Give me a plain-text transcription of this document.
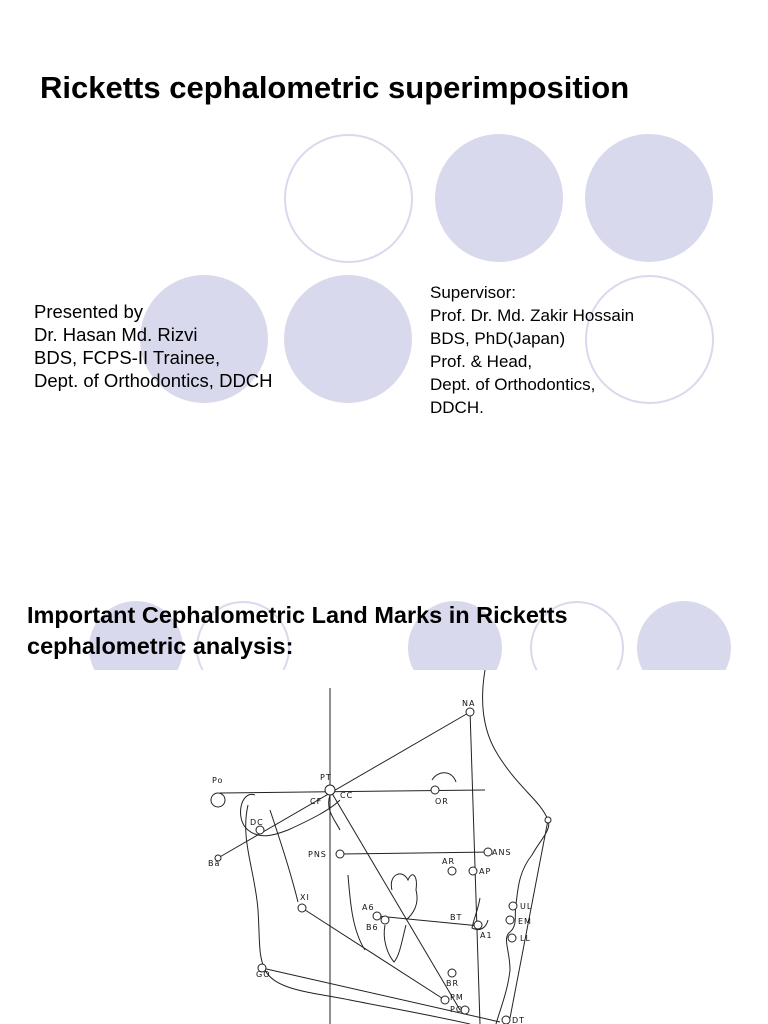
Ricketts cephalometric superimposition
Presented by
Dr. Hasan Md. Rizvi
BDS, FCPS-II Trainee,
Dept. of Orthodontics, DDCH
Supervisor:
Prof. Dr. Md. Zakir Hossain
BDS, PhD(Japan)
Prof. & Head,
Dept. of Orthodontics,
DDCH.
Important Cephalometric Land Marks in Ricketts
cephalometric analysis:
NA
Po	PT
CF
CC
OR
DC
Ba
PNS	ANS
AR
AP
XI
A6
B6
BT
A1
UL
EM
LL
GO
BR
PM
PO
DT
